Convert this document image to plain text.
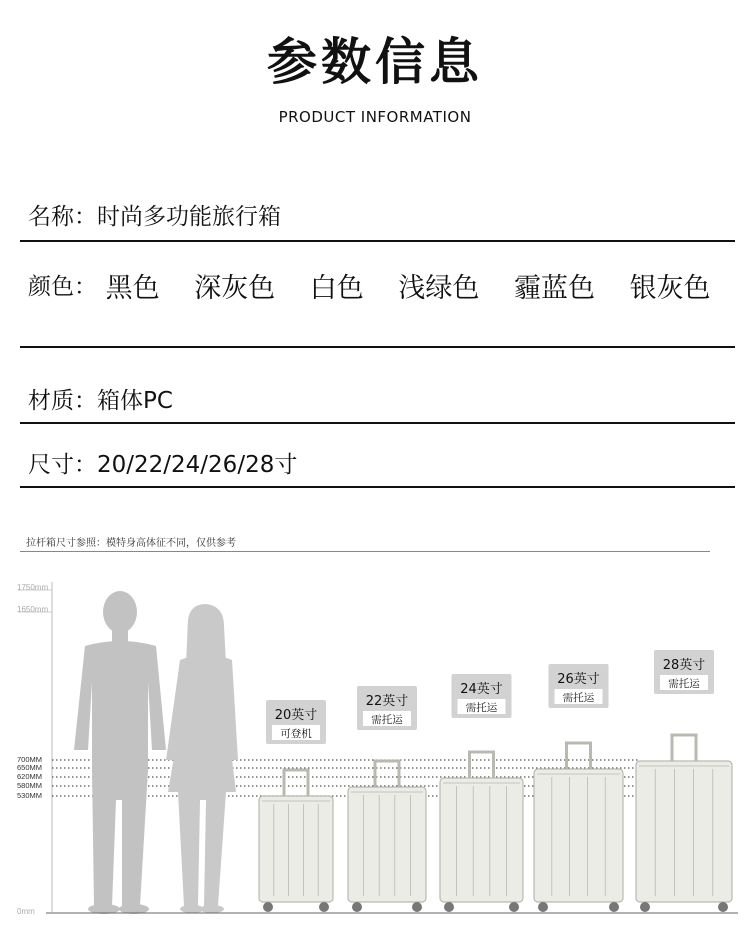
参数信息
PRODUCT INFORMATION
名称：时尚多功能旅行箱
颜色： 黑色 深灰色 白色 浅绿色 霾蓝色 银灰色
材质：箱体PC
尺寸：20/22/24/26/28寸
拉杆箱尺寸参照：模特身高体征不同，仅供参考
1750mm
1650mm
700MM
650MM
620MM
580MM
530MM
0mm
20英寸
可登机
22英寸
需托运
24英寸
需托运
26英寸
需托运
28英寸
需托运
